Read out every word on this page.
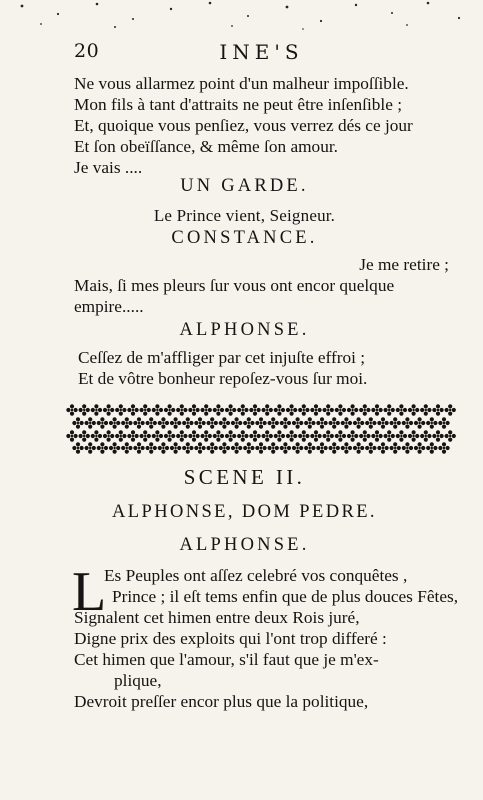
20	INE'S
Ne vous allarmez point d'un malheur impoſſible.
Mon fils à tant d'attraits ne peut être inſenſible ;
Et, quoique vous penſiez, vous verrez dés ce jour
Et ſon obeïſſance, & même ſon amour.
Je vais ....
UN GARDE.
Le Prince vient, Seigneur.
CONSTANCE.
Je me retire ;
Mais, ſi mes pleurs ſur vous ont encor quelque
empire.....
ALPHONSE.
Ceſſez de m'affliger par cet injuſte effroi ;
Et de vôtre bonheur repoſez-vous ſur moi.
SCENE II.
ALPHONSE, DOM PEDRE.
ALPHONSE.
L
Es Peuples ont aſſez celebré vos conquêtes ,
Prince ; il eſt tems enfin que de plus douces Fêtes,
Signalent cet himen entre deux Rois juré,
Digne prix des exploits qui l'ont trop differé :
Cet himen que l'amour, s'il faut que je m'ex-
plique,
Devroit preſſer encor plus que la politique,
